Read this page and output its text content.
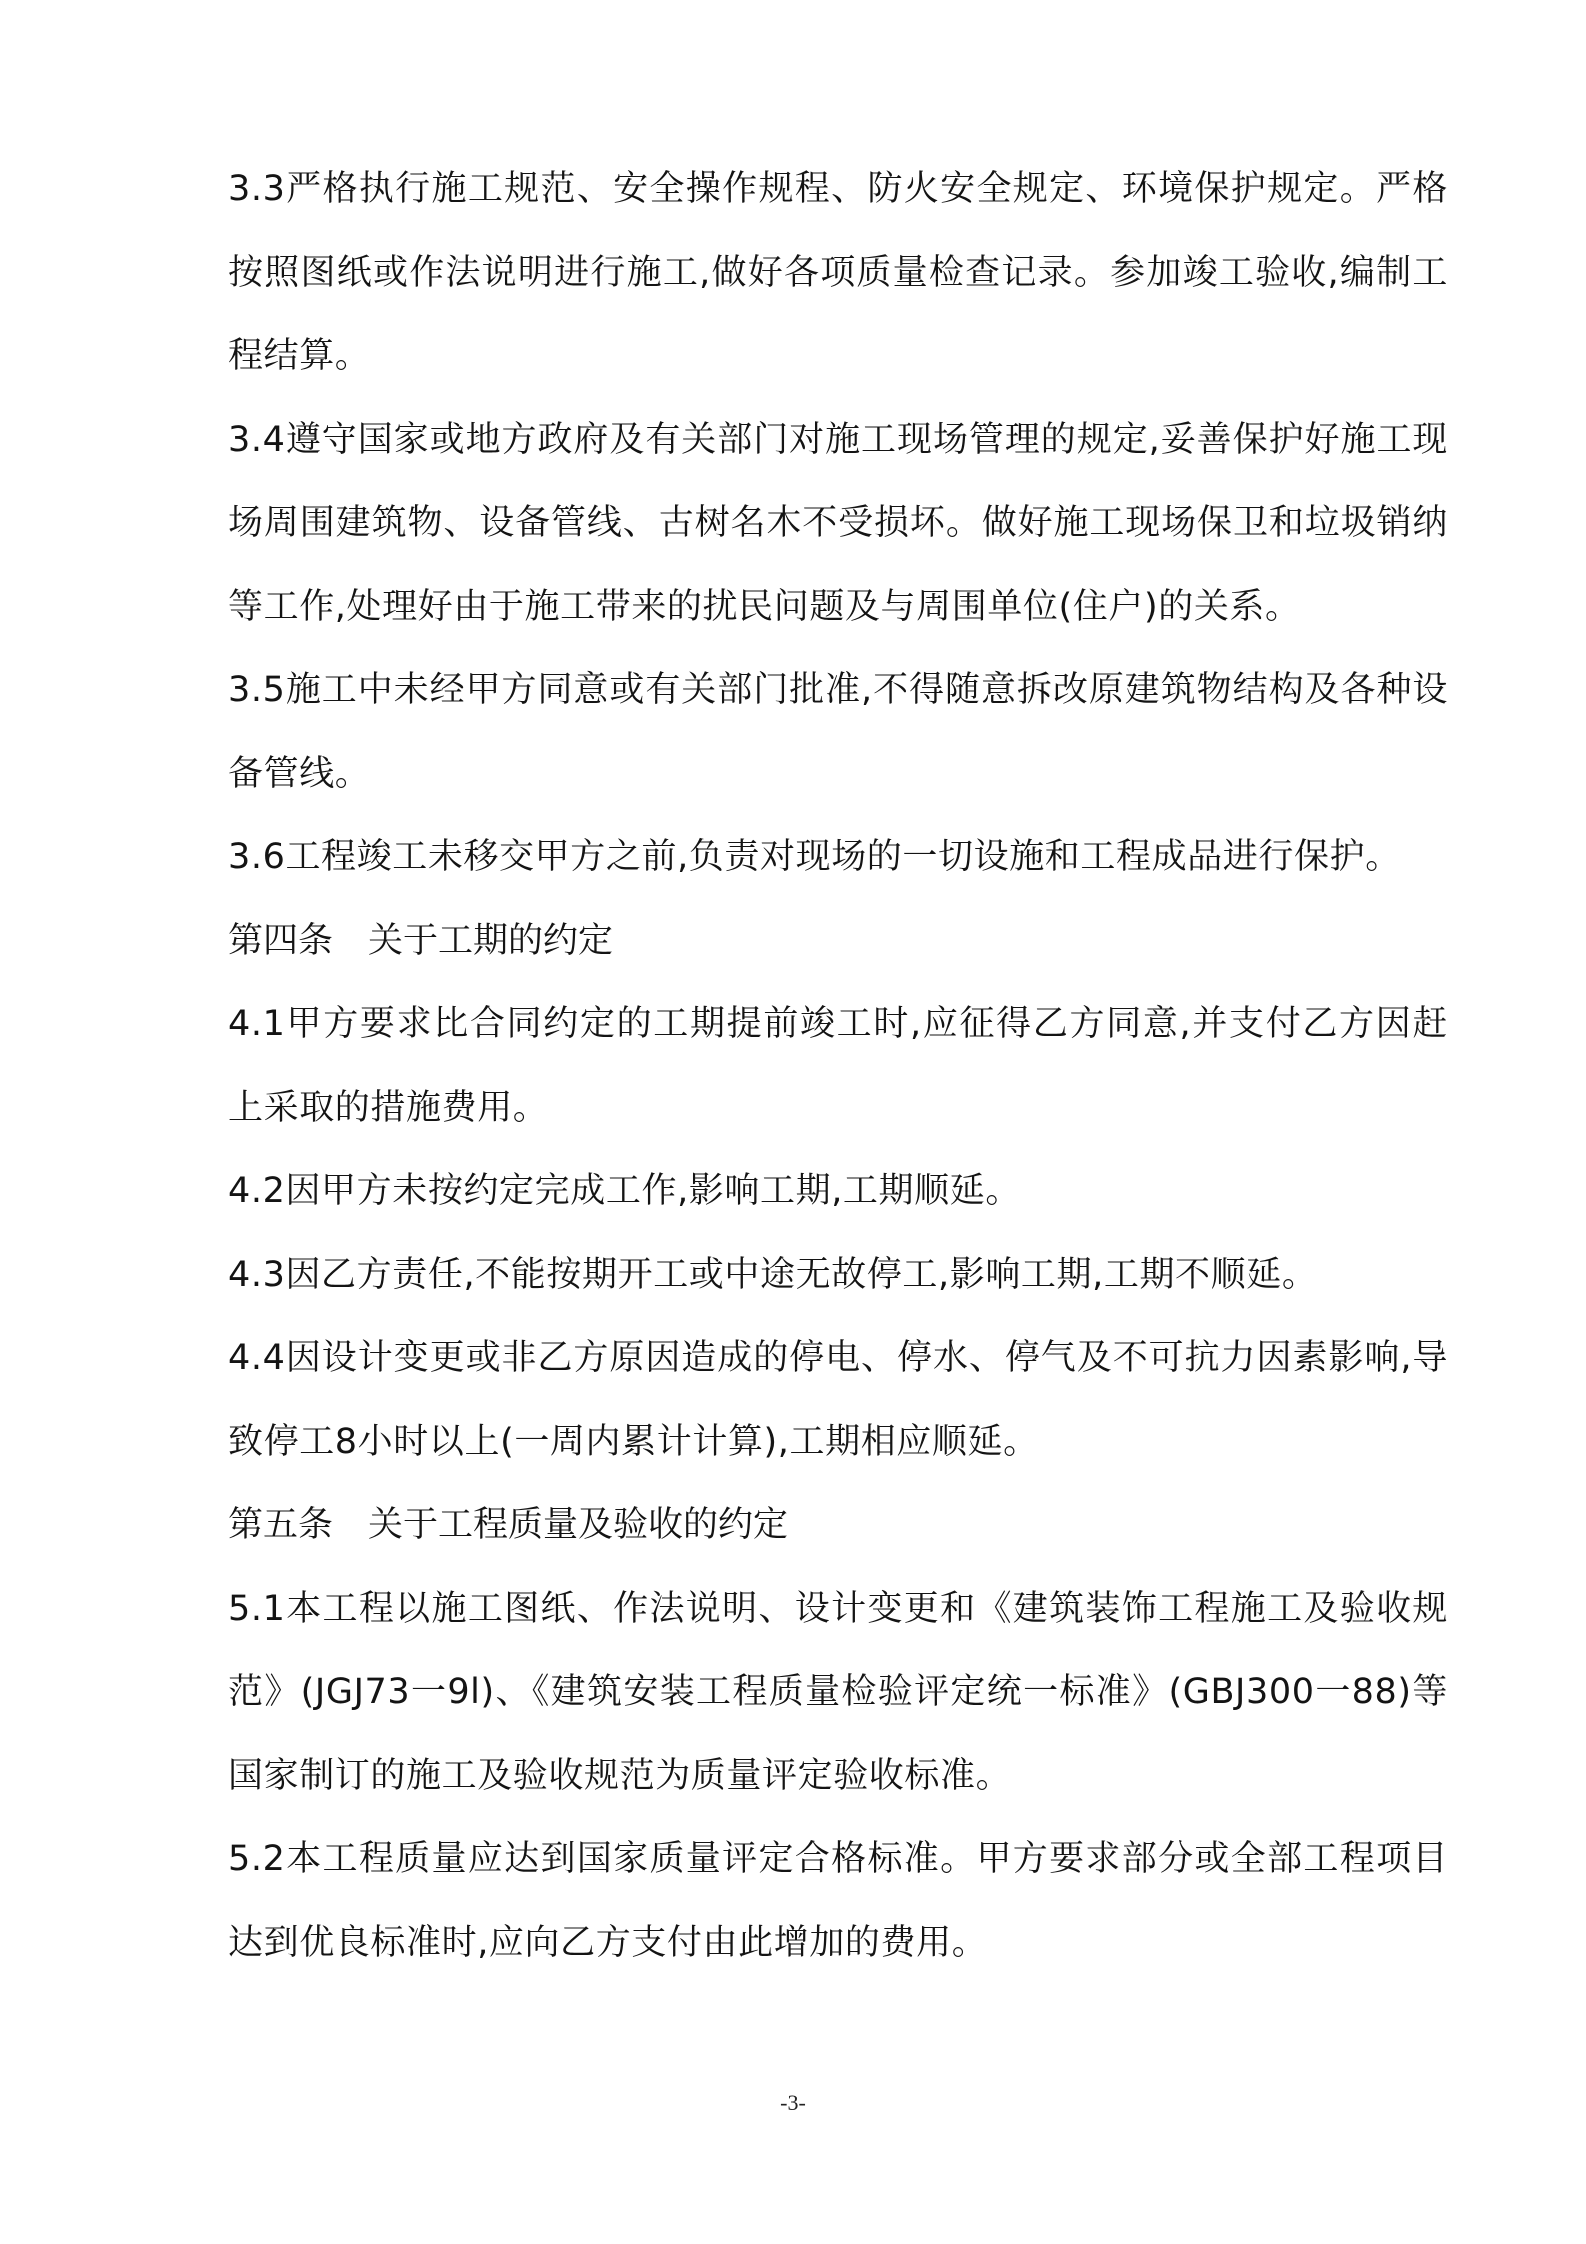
3.3严格执行施工规范、安全操作规程、防火安全规定、环境保护规定。严格按照图纸或作法说明进行施工,做好各项质量检查记录。参加竣工验收,编制工程结算。

3.4遵守国家或地方政府及有关部门对施工现场管理的规定,妥善保护好施工现场周围建筑物、设备管线、古树名木不受损坏。做好施工现场保卫和垃圾销纳等工作,处理好由于施工带来的扰民问题及与周围单位(住户)的关系。

3.5施工中未经甲方同意或有关部门批准,不得随意拆改原建筑物结构及各种设备管线。

3.6工程竣工未移交甲方之前,负责对现场的一切设施和工程成品进行保护。

第四条　关于工期的约定

4.1甲方要求比合同约定的工期提前竣工时,应征得乙方同意,并支付乙方因赶上采取的措施费用。

4.2因甲方未按约定完成工作,影响工期,工期顺延。

4.3因乙方责任,不能按期开工或中途无故停工,影响工期,工期不顺延。

4.4因设计变更或非乙方原因造成的停电、停水、停气及不可抗力因素影响,导致停工8小时以上(一周内累计计算),工期相应顺延。

第五条　关于工程质量及验收的约定

5.1本工程以施工图纸、作法说明、设计变更和《建筑装饰工程施工及验收规范》(JGJ73一9l)、《建筑安装工程质量检验评定统一标准》(GBJ300一88)等国家制订的施工及验收规范为质量评定验收标准。

5.2本工程质量应达到国家质量评定合格标准。甲方要求部分或全部工程项目达到优良标准时,应向乙方支付由此增加的费用。

-3-
